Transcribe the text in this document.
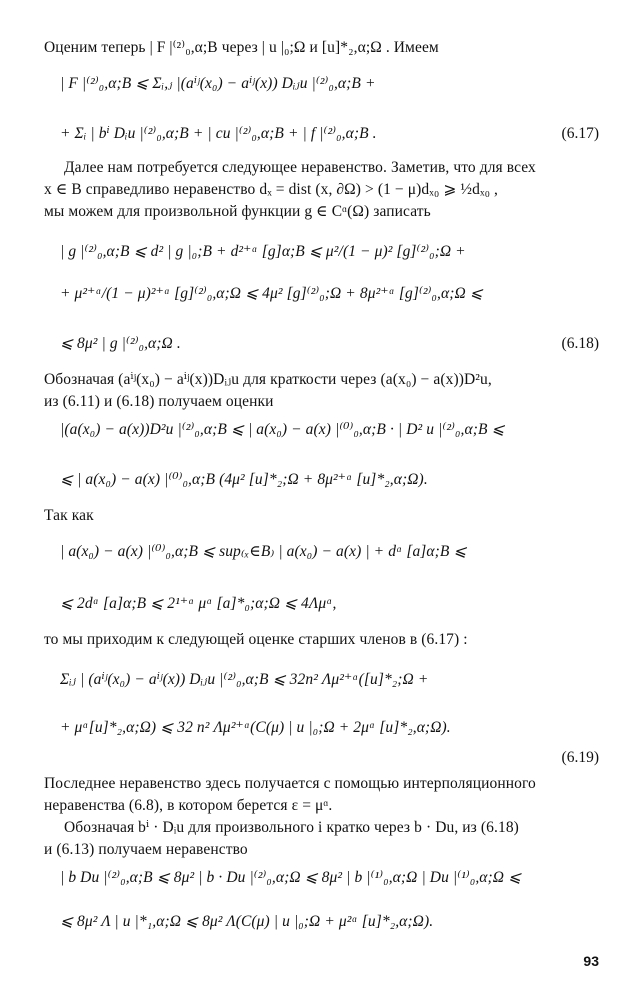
Оценим теперь | F |⁽²⁾₀,α;B через | u |₀;Ω и [u]*₂,α;Ω . Имеем
| F |⁽²⁾₀,α;B ⩽ Σᵢ,ⱼ |(aⁱʲ(x₀) − aⁱʲ(x)) Dᵢⱼu |⁽²⁾₀,α;B +
+ Σᵢ | bⁱ Dᵢu |⁽²⁾₀,α;B + | cu |⁽²⁾₀,α;B + | f |⁽²⁾₀,α;B .	(6.17)
Далее нам потребуется следующее неравенство. Заметив, что для всех
x ∈ B справедливо неравенство dₓ = dist (x, ∂Ω) > (1 − μ)dₓ₀ ⩾ ½dₓ₀ ,
мы можем для произвольной функции g ∈ Cᵅ(Ω) записать
| g |⁽²⁾₀,α;B ⩽ d² | g |₀;B + d²⁺ᵅ [g]α;B ⩽ μ²/(1 − μ)² [g]⁽²⁾₀;Ω +
+ μ²⁺ᵅ/(1 − μ)²⁺ᵅ [g]⁽²⁾₀,α;Ω ⩽ 4μ² [g]⁽²⁾₀;Ω + 8μ²⁺ᵅ [g]⁽²⁾₀,α;Ω ⩽
⩽ 8μ² | g |⁽²⁾₀,α;Ω .	(6.18)
Обозначая (aⁱʲ(x₀) − aⁱʲ(x))Dᵢⱼu для краткости через (a(x₀) − a(x))D²u,
из (6.11) и (6.18) получаем оценки
|(a(x₀) − a(x))D²u |⁽²⁾₀,α;B ⩽ | a(x₀) − a(x) |⁽⁰⁾₀,α;B · | D² u |⁽²⁾₀,α;B ⩽
⩽ | a(x₀) − a(x) |⁽⁰⁾₀,α;B (4μ² [u]*₂;Ω + 8μ²⁺ᵅ [u]*₂,α;Ω).
Так как
| a(x₀) − a(x) |⁽⁰⁾₀,α;B ⩽ sup₍ₓ∈B₎ | a(x₀) − a(x) | + dᵅ [a]α;B ⩽
⩽ 2dᵅ [a]α;B ⩽ 2¹⁺ᵅ μᵅ [a]*₀;α;Ω ⩽ 4Λμᵅ,
то мы приходим к следующей оценке старших членов в (6.17) :
Σᵢⱼ | (aⁱʲ(x₀) − aⁱʲ(x)) Dᵢⱼu |⁽²⁾₀,α;B ⩽ 32n² Λμ²⁺ᵅ([u]*₂;Ω +
+ μᵅ[u]*₂,α;Ω) ⩽ 32 n² Λμ²⁺ᵅ(C(μ) | u |₀;Ω + 2μᵅ [u]*₂,α;Ω).
(6.19)
Последнее неравенство здесь получается с помощью интерполяционного
неравенства (6.8), в котором берется ε = μᵅ.
Обозначая bⁱ · Dᵢu для произвольного i кратко через b · Du, из (6.18)
и (6.13) получаем неравенство
| b Du |⁽²⁾₀,α;B ⩽ 8μ² | b · Du |⁽²⁾₀,α;Ω ⩽ 8μ² | b |⁽¹⁾₀,α;Ω | Du |⁽¹⁾₀,α;Ω ⩽
⩽ 8μ² Λ | u |*₁,α;Ω ⩽ 8μ² Λ(C(μ) | u |₀;Ω + μ²ᵅ [u]*₂,α;Ω).
93
